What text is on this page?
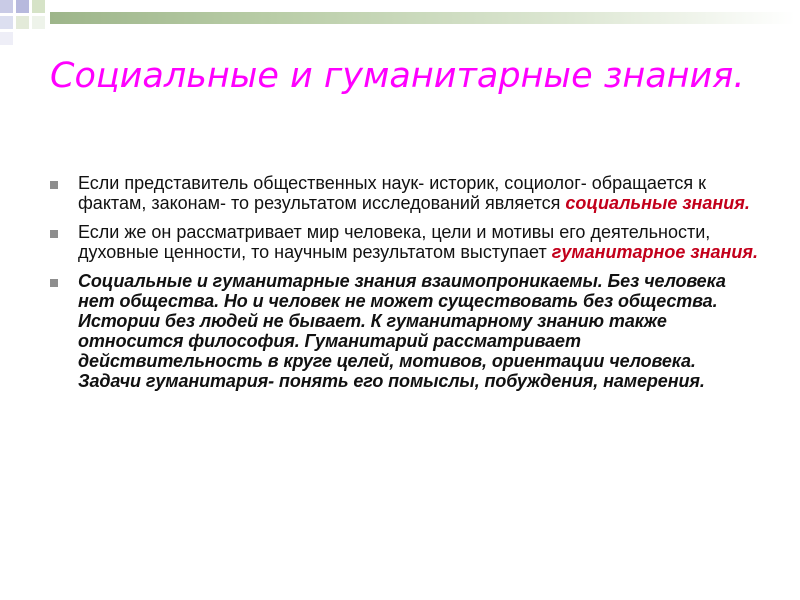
Социальные и гуманитарные знания.
Если представитель общественных наук- историк, социолог- обращается к фактам, законам- то результатом исследований является социальные знания.
Если же он рассматривает мир человека, цели и мотивы его деятельности, духовные ценности, то научным результатом выступает гуманитарное знания.
Социальные и гуманитарные знания взаимопроникаемы. Без человека нет общества. Но и человек не может существовать без общества. Истории без людей не бывает. К гуманитарному знанию также относится философия. Гуманитарий рассматривает действительность в круге целей, мотивов, ориентации человека. Задачи гуманитария- понять его помыслы, побуждения, намерения.
